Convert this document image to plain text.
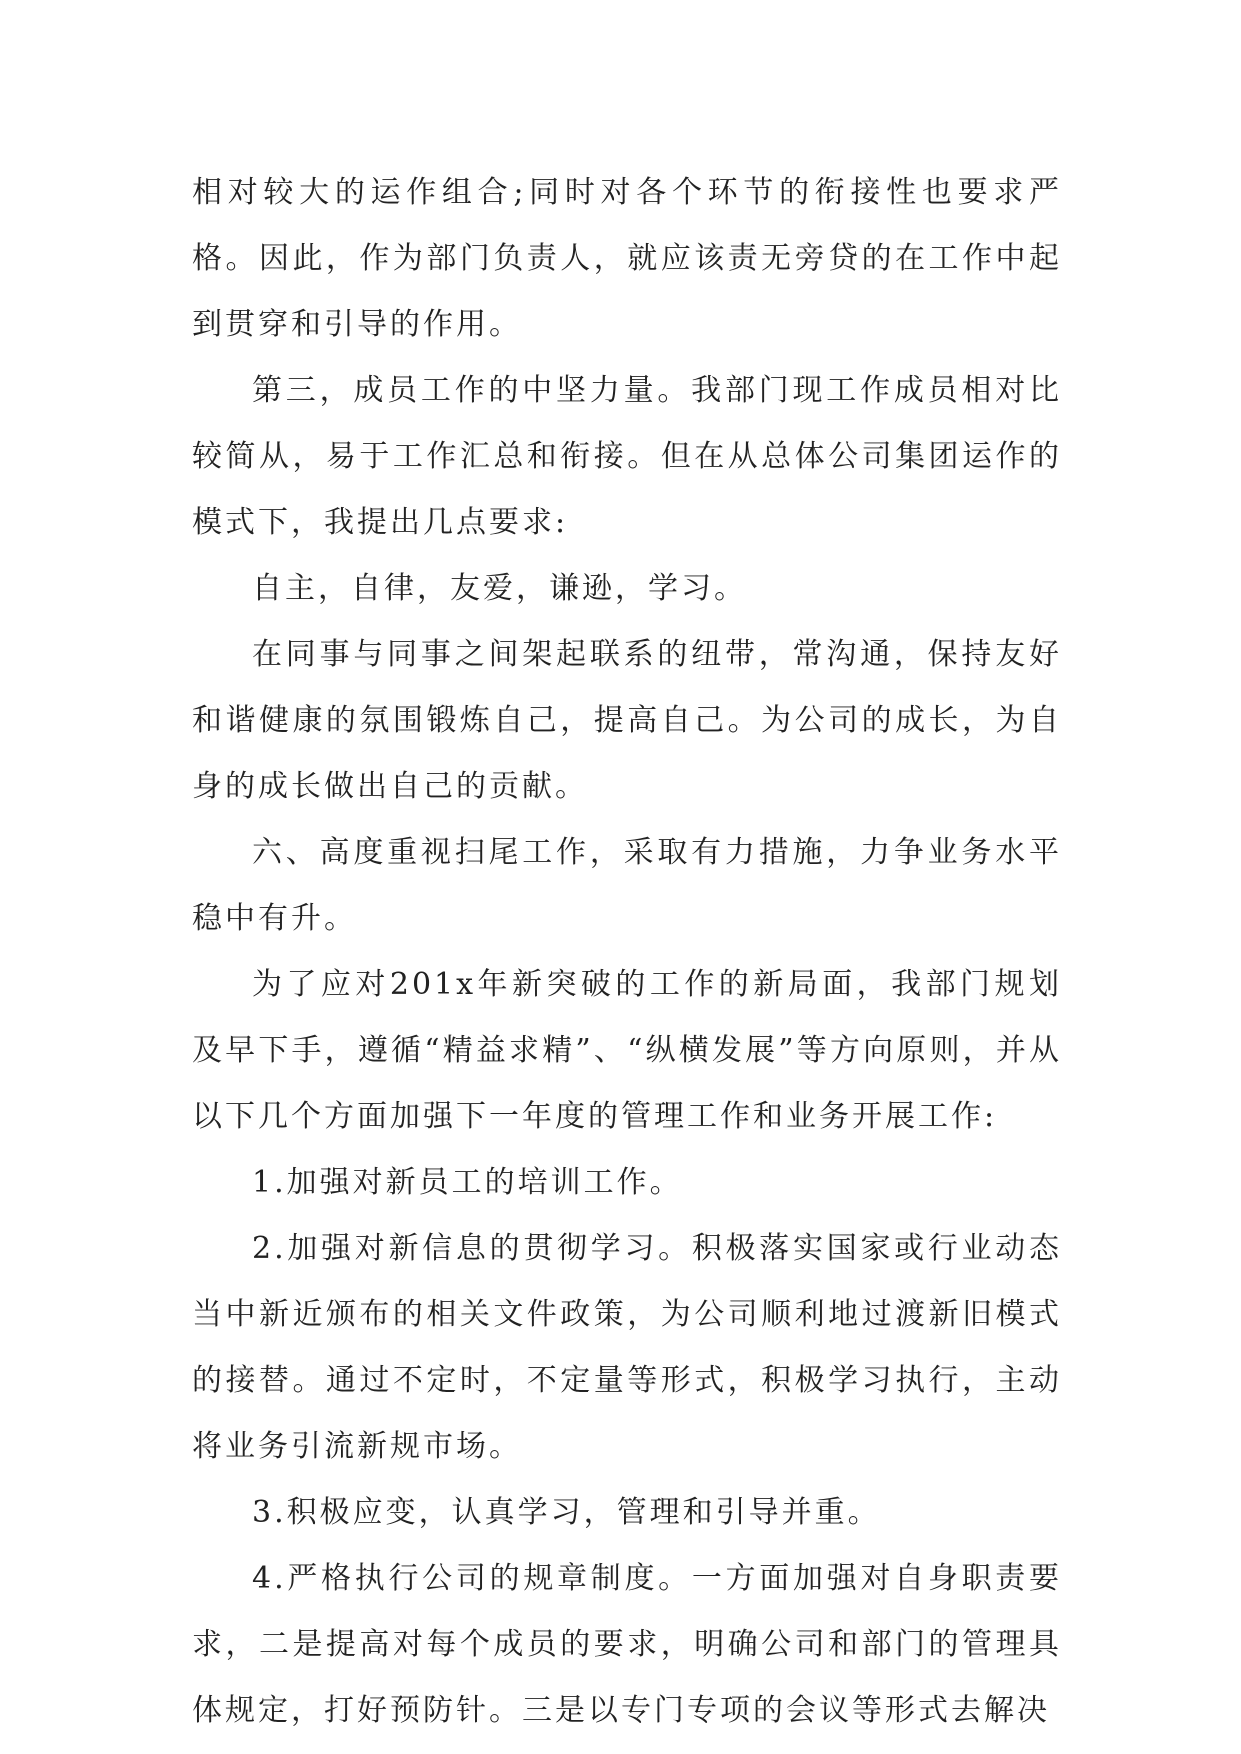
相对较大的运作组合;同时对各个环节的衔接性也要求严格。因此，作为部门负责人，就应该责无旁贷的在工作中起到贯穿和引导的作用。

第三，成员工作的中坚力量。我部门现工作成员相对比较简从，易于工作汇总和衔接。但在从总体公司集团运作的模式下，我提出几点要求:

自主，自律，友爱，谦逊，学习。

在同事与同事之间架起联系的纽带，常沟通，保持友好和谐健康的氛围锻炼自己，提高自己。为公司的成长，为自身的成长做出自己的贡献。

六、高度重视扫尾工作，采取有力措施，力争业务水平稳中有升。

为了应对201x年新突破的工作的新局面，我部门规划及早下手，遵循“精益求精”、“纵横发展”等方向原则，并从以下几个方面加强下一年度的管理工作和业务开展工作:

1.加强对新员工的培训工作。

2.加强对新信息的贯彻学习。积极落实国家或行业动态当中新近颁布的相关文件政策，为公司顺利地过渡新旧模式的接替。通过不定时，不定量等形式，积极学习执行，主动将业务引流新规市场。

3.积极应变，认真学习，管理和引导并重。

4.严格执行公司的规章制度。一方面加强对自身职责要求，二是提高对每个成员的要求，明确公司和部门的管理具体规定，打好预防针。三是以专门专项的会议等形式去解决
